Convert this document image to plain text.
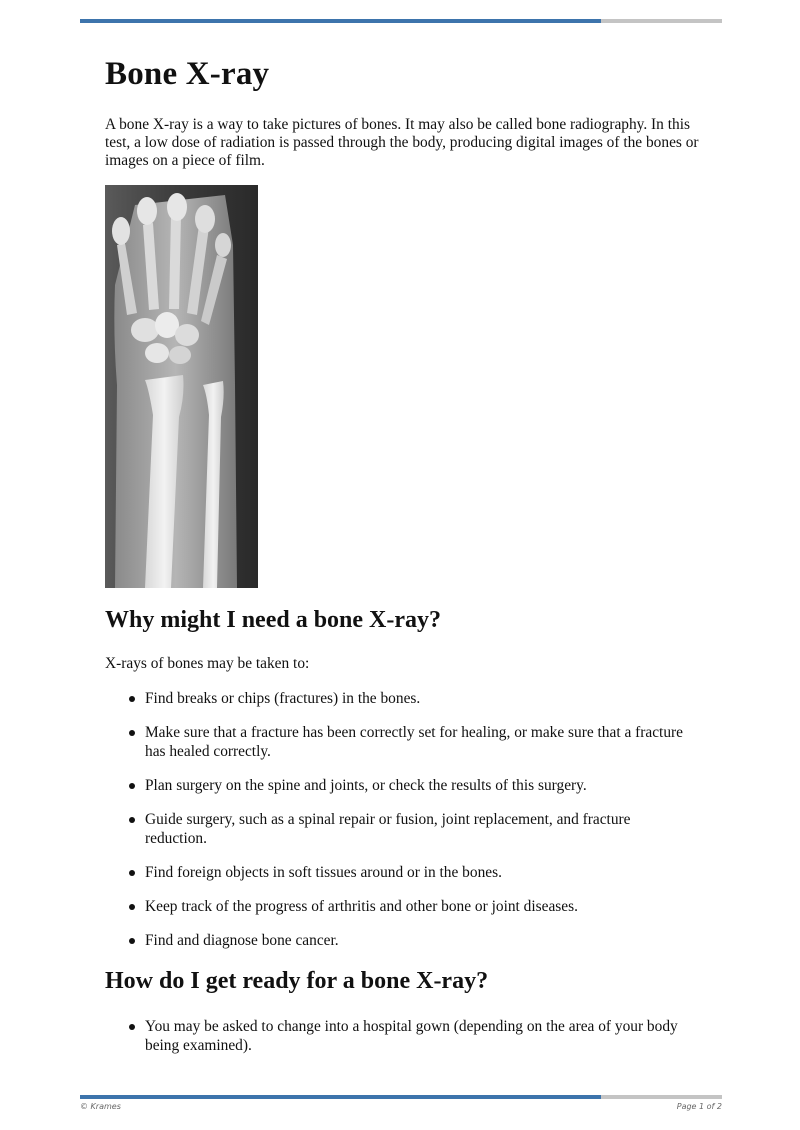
Bone X-ray

A bone X-ray is a way to take pictures of bones. It may also be called bone radiography. In this test, a low dose of radiation is passed through the body, producing digital images of the bones or images on a piece of film.

Why might I need a bone X-ray?

X-rays of bones may be taken to:

Find breaks or chips (fractures) in the bones.
Make sure that a fracture has been correctly set for healing, or make sure that a fracture has healed correctly.
Plan surgery on the spine and joints, or check the results of this surgery.
Guide surgery, such as a spinal repair or fusion, joint replacement, and fracture reduction.
Find foreign objects in soft tissues around or in the bones.
Keep track of the progress of arthritis and other bone or joint diseases.
Find and diagnose bone cancer.
How do I get ready for a bone X-ray?
You may be asked to change into a hospital gown (depending on the area of your body being examined).
© Krames	Page 1 of 2
